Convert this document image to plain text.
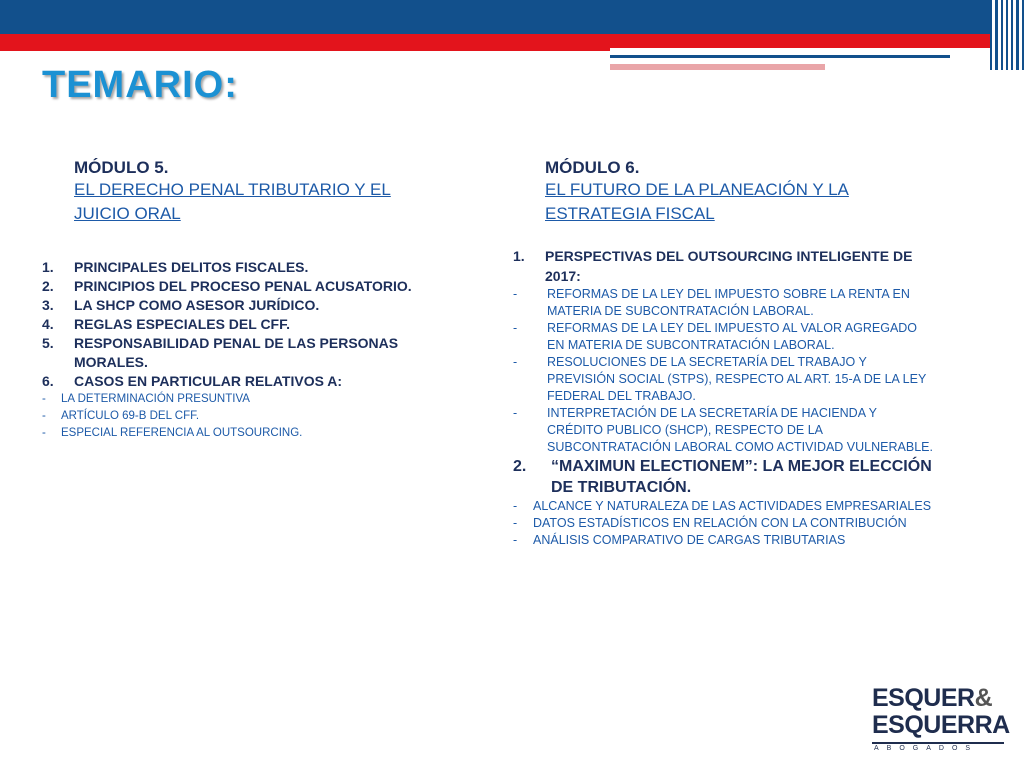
TEMARIO:
MÓDULO 5.
EL DERECHO PENAL TRIBUTARIO Y EL JUICIO ORAL
1. PRINCIPALES DELITOS FISCALES.
2. PRINCIPIOS DEL PROCESO PENAL ACUSATORIO.
3. LA SHCP COMO ASESOR JURÍDICO.
4. REGLAS ESPECIALES DEL CFF.
5. RESPONSABILIDAD PENAL DE LAS PERSONAS MORALES.
6. CASOS EN PARTICULAR RELATIVOS A:
- LA DETERMINACIÓN PRESUNTIVA
- ARTÍCULO 69-B DEL CFF.
- ESPECIAL REFERENCIA AL OUTSOURCING.
MÓDULO 6.
EL FUTURO DE LA PLANEACIÓN Y LA ESTRATEGIA FISCAL
1. PERSPECTIVAS DEL OUTSOURCING INTELIGENTE DE 2017:
- REFORMAS DE LA LEY DEL IMPUESTO SOBRE LA RENTA EN MATERIA DE SUBCONTRATACIÓN LABORAL.
- REFORMAS DE LA LEY DEL IMPUESTO AL VALOR AGREGADO EN MATERIA DE SUBCONTRATACIÓN LABORAL.
- RESOLUCIONES DE LA SECRETARÍA DEL TRABAJO Y PREVISIÓN SOCIAL (STPS), RESPECTO AL ART. 15-A DE LA LEY FEDERAL DEL TRABAJO.
- INTERPRETACIÓN DE LA SECRETARÍA DE HACIENDA Y CRÉDITO PUBLICO (SHCP), RESPECTO DE LA SUBCONTRATACIÓN LABORAL COMO ACTIVIDAD VULNERABLE.
2. “MAXIMUN ELECTIONEM”: LA MEJOR ELECCIÓN DE TRIBUTACIÓN.
- ALCANCE Y NATURALEZA DE LAS ACTIVIDADES EMPRESARIALES
- DATOS ESTADÍSTICOS EN RELACIÓN CON LA CONTRIBUCIÓN
- ANÁLISIS COMPARATIVO DE CARGAS TRIBUTARIAS
ESQUER&
ESQUERRA
ABOGADOS
